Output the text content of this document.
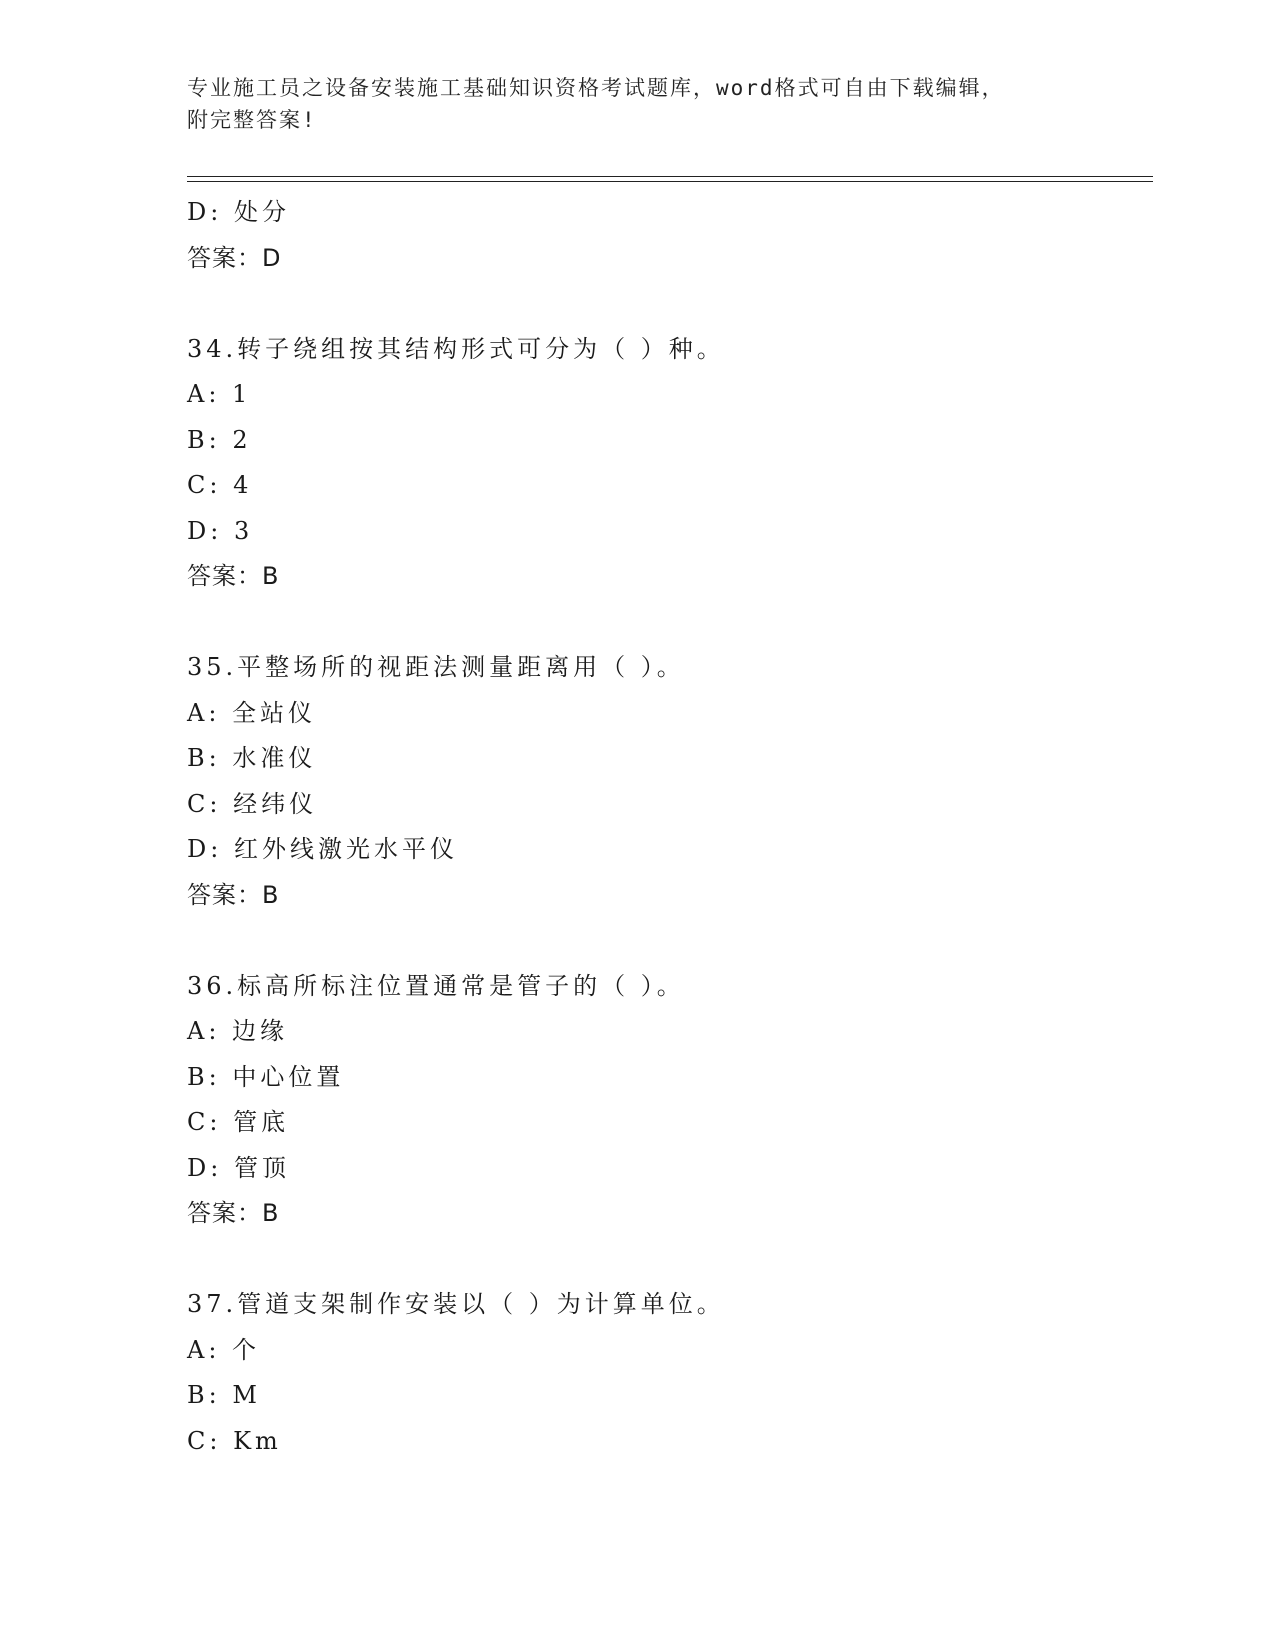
专业施工员之设备安装施工基础知识资格考试题库，word格式可自由下载编辑，
附完整答案!
D: 处分
答案：D
34.转子绕组按其结构形式可分为（ ）种。
A: 1
B: 2
C: 4
D: 3
答案：B
35.平整场所的视距法测量距离用（ ）。
A: 全站仪
B: 水准仪
C: 经纬仪
D: 红外线激光水平仪
答案：B
36.标高所标注位置通常是管子的（ ）。
A: 边缘
B: 中心位置
C: 管底
D: 管顶
答案：B
37.管道支架制作安装以（ ）为计算单位。
A: 个
B: M
C: Km
